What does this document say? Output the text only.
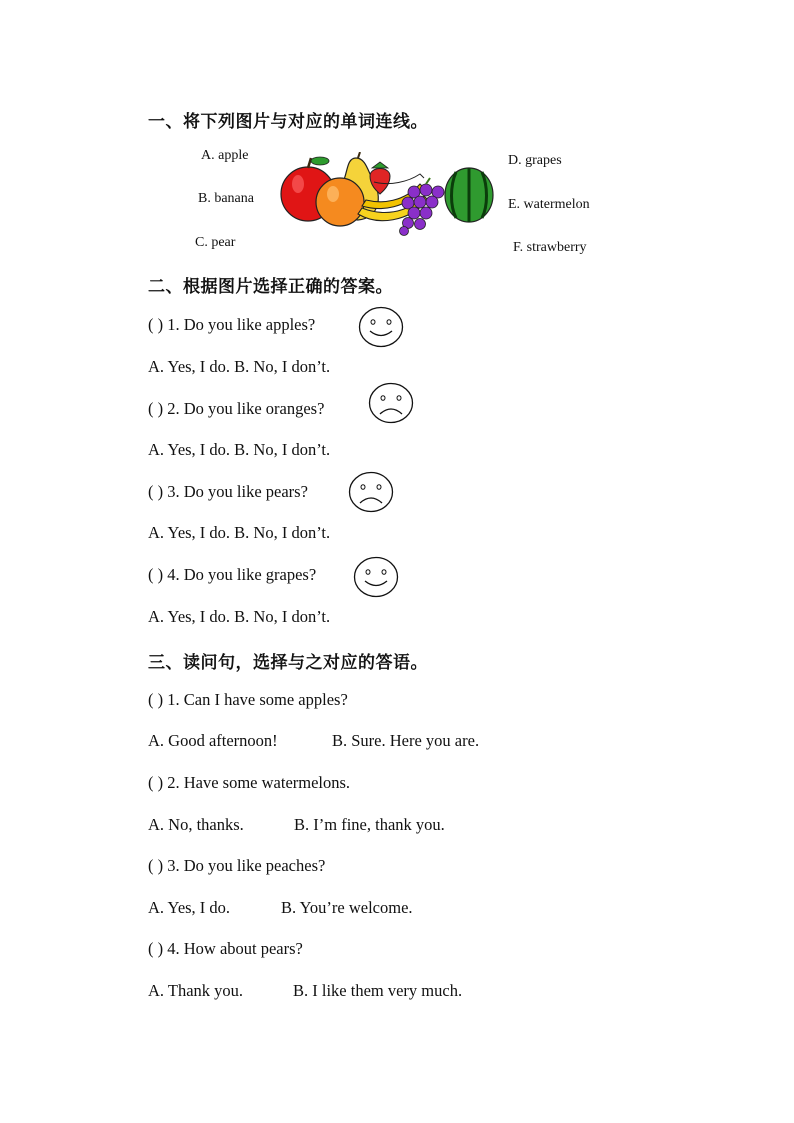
一、将下列图片与对应的单词连线。
A. apple
B. banana
C. pear
D. grapes
E. watermelon
F. strawberry
二、根据图片选择正确的答案。
( ) 1. Do you like apples?
A. Yes, I do. B. No, I don’t.
( ) 2. Do you like oranges?
A. Yes, I do. B. No, I don’t.
( ) 3. Do you like pears?
A. Yes, I do. B. No, I don’t.
( ) 4. Do you like grapes?
A. Yes, I do. B. No, I don’t.
三、读问句，选择与之对应的答语。
( ) 1. Can I have some apples?
A. Good afternoon!	B. Sure. Here you are.
( ) 2. Have some watermelons.
A. No, thanks.	B. I’m fine, thank you.
( ) 3. Do you like peaches?
A. Yes, I do.	B. You’re welcome.
( ) 4. How about pears?
A. Thank you.	B. I like them very much.
